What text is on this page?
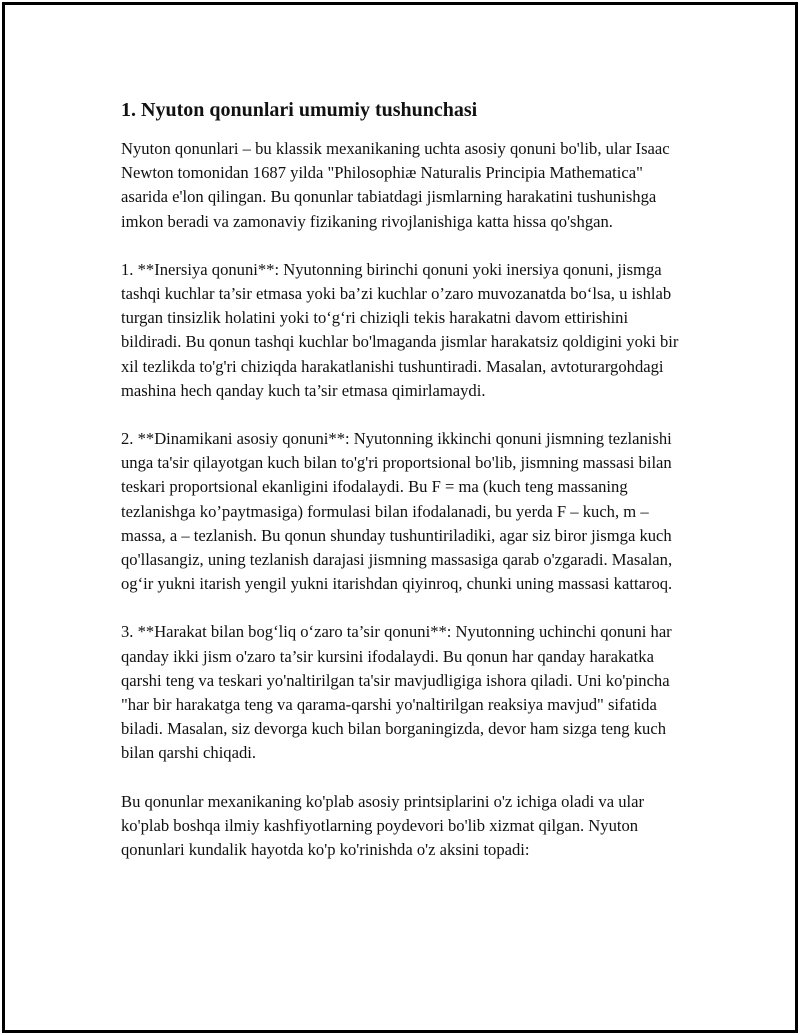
1. Nyuton qonunlari umumiy tushunchasi

Nyuton qonunlari – bu klassik mexanikaning uchta asosiy qonuni bo'lib, ular Isaac Newton tomonidan 1687 yilda "Philosophiæ Naturalis Principia Mathematica" asarida e'lon qilingan. Bu qonunlar tabiatdagi jismlarning harakatini tushunishga imkon beradi va zamonaviy fizikaning rivojlanishiga katta hissa qo'shgan.

1. **Inersiya qonuni**: Nyutonning birinchi qonuni yoki inersiya qonuni, jismga tashqi kuchlar ta’sir etmasa yoki ba’zi kuchlar o’zaro muvozanatda bo‘lsa, u ishlab turgan tinsizlik holatini yoki to‘g‘ri chiziqli tekis harakatni davom ettirishini bildiradi. Bu qonun tashqi kuchlar bo'lmaganda jismlar harakatsiz qoldigini yoki bir xil tezlikda to'g'ri chiziqda harakatlanishi tushuntiradi. Masalan, avtoturargohdagi mashina hech qanday kuch ta’sir etmasa qimirlamaydi.

2. **Dinamikani asosiy qonuni**: Nyutonning ikkinchi qonuni jismning tezlanishi unga ta'sir qilayotgan kuch bilan to'g'ri proportsional bo'lib, jismning massasi bilan teskari proportsional ekanligini ifodalaydi. Bu F = ma (kuch teng massaning tezlanishga ko’paytmasiga) formulasi bilan ifodalanadi, bu yerda F – kuch, m – massa, a – tezlanish. Bu qonun shunday tushuntiriladiki, agar siz biror jismga kuch qo'llasangiz, uning tezlanish darajasi jismning massasiga qarab o'zgaradi. Masalan, og‘ir yukni itarish yengil yukni itarishdan qiyinroq, chunki uning massasi kattaroq.

3. **Harakat bilan bog‘liq o‘zaro ta’sir qonuni**: Nyutonning uchinchi qonuni har qanday ikki jism o'zaro ta’sir kursini ifodalaydi. Bu qonun har qanday harakatka qarshi teng va teskari yo'naltirilgan ta'sir mavjudligiga ishora qiladi. Uni ko'pincha "har bir harakatga teng va qarama-qarshi yo'naltirilgan reaksiya mavjud" sifatida biladi. Masalan, siz devorga kuch bilan borganingizda, devor ham sizga teng kuch bilan qarshi chiqadi.

Bu qonunlar mexanikaning ko'plab asosiy printsiplarini o'z ichiga oladi va ular ko'plab boshqa ilmiy kashfiyotlarning poydevori bo'lib xizmat qilgan. Nyuton qonunlari kundalik hayotda ko'p ko'rinishda o'z aksini topadi:
